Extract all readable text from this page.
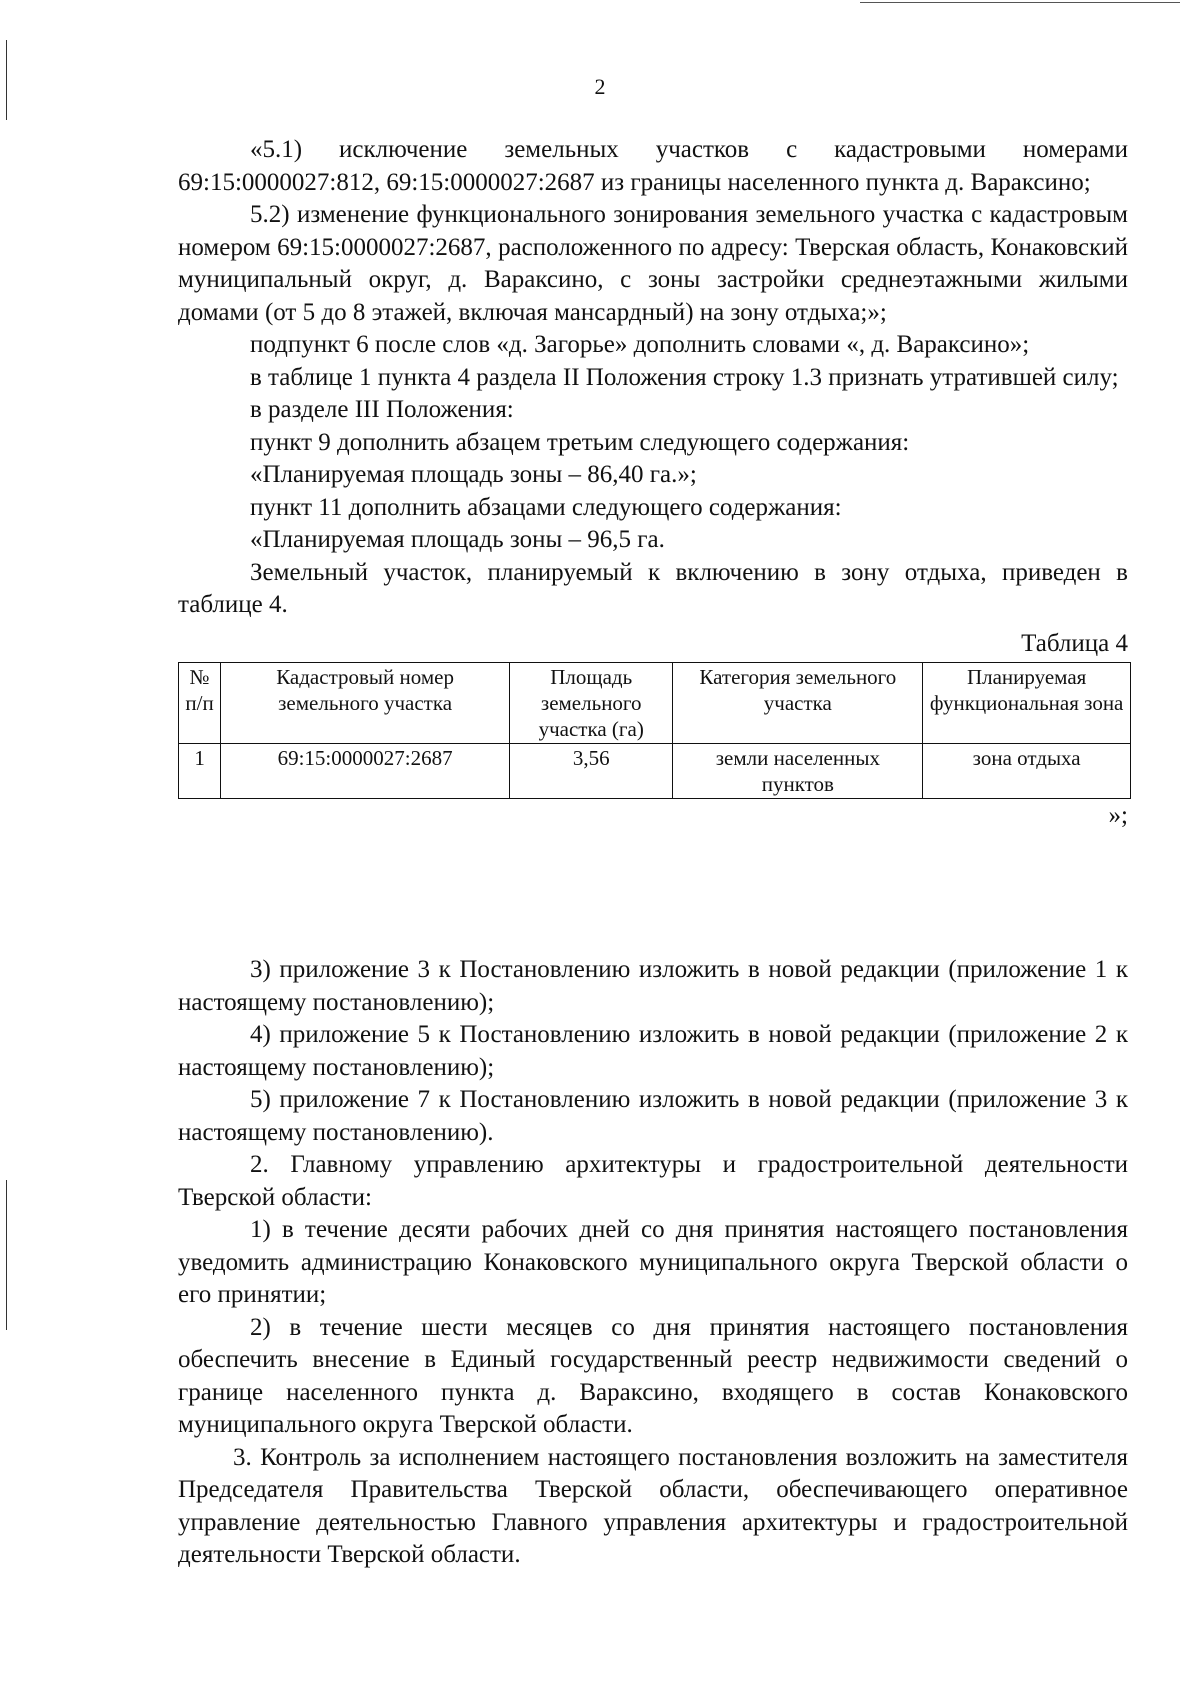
2

«5.1) исключение земельных участков с кадастровыми номерами 69:15:0000027:812, 69:15:0000027:2687 из границы населенного пункта д. Вараксино;

5.2) изменение функционального зонирования земельного участка с кадастровым номером 69:15:0000027:2687, расположенного по адресу: Тверская область, Конаковский муниципальный округ, д. Вараксино, с зоны застройки среднеэтажными жилыми домами (от 5 до 8 этажей, включая мансардный) на зону отдыха;»;

подпункт 6 после слов «д. Загорье» дополнить словами «, д. Вараксино»;

в таблице 1 пункта 4 раздела II Положения строку 1.3 признать утратившей силу;

в разделе III Положения:

пункт 9 дополнить абзацем третьим следующего содержания:

«Планируемая площадь зоны – 86,40 га.»;

пункт 11 дополнить абзацами следующего содержания:

«Планируемая площадь зоны – 96,5 га.

Земельный участок, планируемый к включению в зону отдыха, приведен в таблице 4.

Таблица 4
№ п/п	Кадастровый номер земельного участка	Площадь земельного участка (га)	Категория земельного участка	Планируемая функциональная зона
1	69:15:0000027:2687	3,56	земли населенных пунктов	зона отдыха
»;

3) приложение 3 к Постановлению изложить в новой редакции (приложение 1 к настоящему постановлению);

4) приложение 5 к Постановлению изложить в новой редакции (приложение 2 к настоящему постановлению);

5) приложение 7 к Постановлению изложить в новой редакции (приложение 3 к настоящему постановлению).

2. Главному управлению архитектуры и градостроительной деятельности Тверской области:

1) в течение десяти рабочих дней со дня принятия настоящего постановления уведомить администрацию Конаковского муниципального округа Тверской области о его принятии;

2) в течение шести месяцев со дня принятия настоящего постановления обеспечить внесение в Единый государственный реестр недвижимости сведений о границе населенного пункта д. Вараксино, входящего в состав Конаковского муниципального округа Тверской области.

3. Контроль за исполнением настоящего постановления возложить на заместителя Председателя Правительства Тверской области, обеспечивающего оперативное управление деятельностью Главного управления архитектуры и градостроительной деятельности Тверской области.
